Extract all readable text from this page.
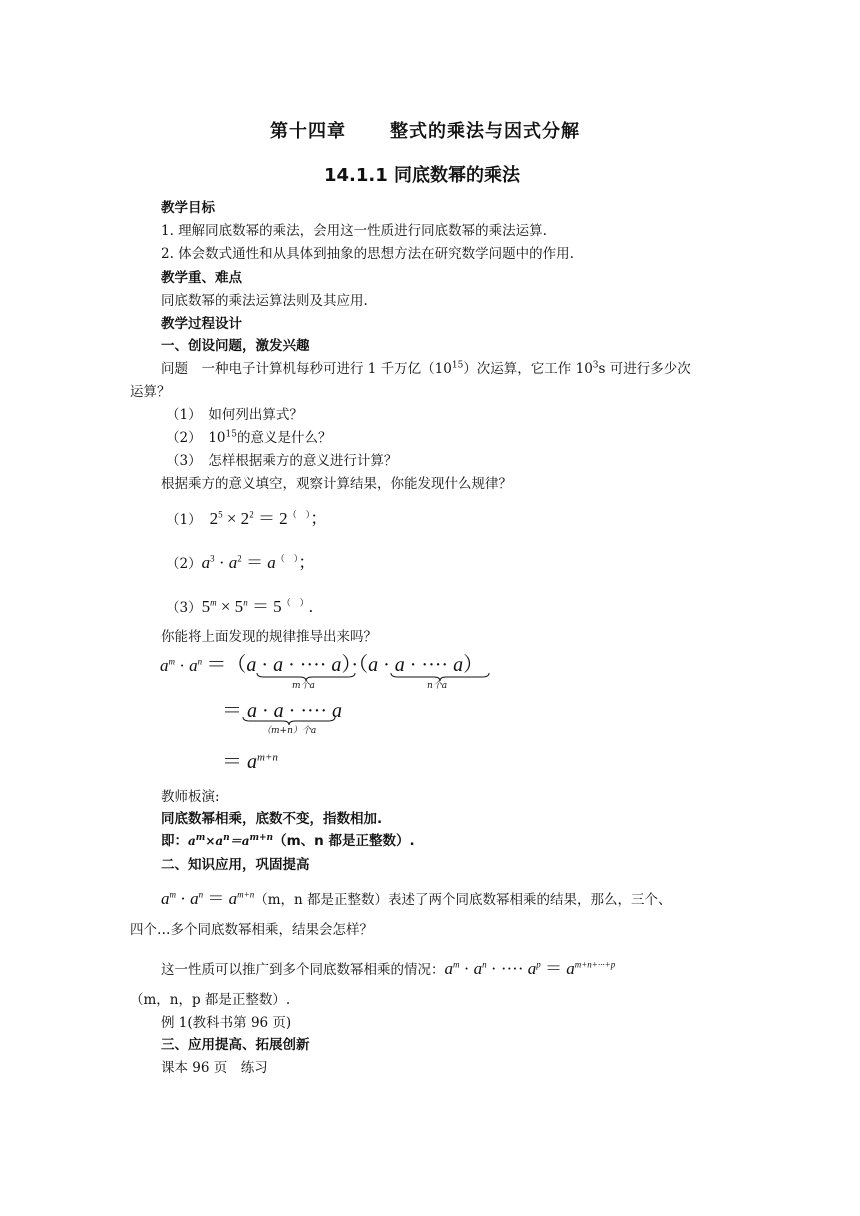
第十四章 整式的乘法与因式分解
14.1.1 同底数幂的乘法
教学目标
1. 理解同底数幂的乘法，会用这一性质进行同底数幂的乘法运算.
2. 体会数式通性和从具体到抽象的思想方法在研究数学问题中的作用.
教学重、难点
同底数幂的乘法运算法则及其应用.
教学过程设计
一、创设问题，激发兴趣
问题　一种电子计算机每秒可进行 1 千万亿$(10^{15})$次运算，它工作 $10^3s$ 可进行多少次
运算？
（1）　如何列出算式？
（2）　$10^{15}$的意义是什么？
（3）　怎样根据乘方的意义进行计算？
根据乘方的意义填空，观察计算结果，你能发现什么规律？
（1） $2^5 \times 2^2 = 2^{( )}$；
$(2)a^3 \cdot a^2 = a^{( )}$；
$(3)5^m \times 5^n = 5^{( )}$.
你能将上面发现的规律推导出来吗？
$a^m \cdot a^n =(a \cdot a$ · ···· a）·（a · a · ···· a）
m个a	n个a
＝ a · a · ···· a
（m+n）个a
＝ $a^{m+n}$
教师板演:
同底数幂相乘，底数不变，指数相加.
即：$a^m\times a^n=a^{m+n}(m$、n 都是正整数）.
二、知识应用，巩固提高
$a^m \cdot a^n = a^{m+n}(m$，n 都是正整数）表述了两个同底数幂相乘的结果，那么，三个、
四个…多个同底数幂相乘，结果会怎样？
这一性质可以推广到多个同底数幂相乘的情况：$a^m \cdot a^n$ · ···· $a^p = a^{m+n+\cdot\cdot\cdot+p}$
（m，n，p 都是正整数）.
例 1(教科书第 96 页)
三、应用提高、拓展创新
课本 96 页　练习
